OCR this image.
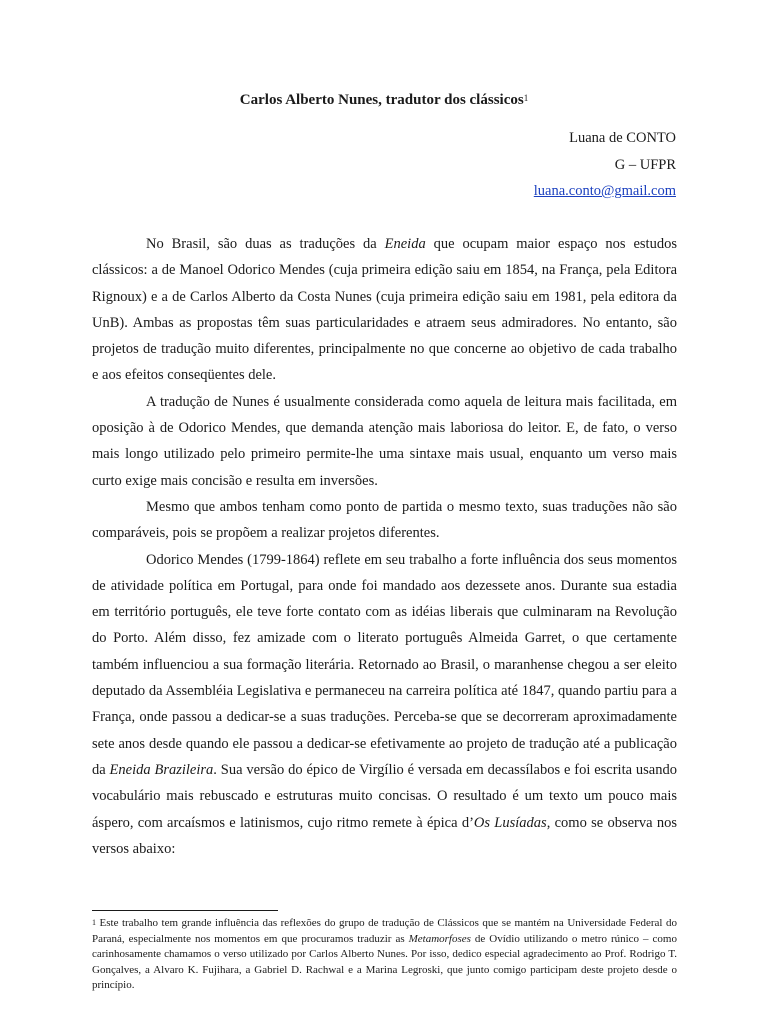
Carlos Alberto Nunes, tradutor dos clássicos$^1$
Luana de CONTO
G – UFPR
luana.conto@gmail.com

No Brasil, são duas as traduções da Eneida que ocupam maior espaço nos estudos clássicos: a de Manoel Odorico Mendes (cuja primeira edição saiu em 1854, na França, pela Editora Rignoux) e a de Carlos Alberto da Costa Nunes (cuja primeira edição saiu em 1981, pela editora da UnB). Ambas as propostas têm suas particularidades e atraem seus admiradores. No entanto, são projetos de tradução muito diferentes, principalmente no que concerne ao objetivo de cada trabalho e aos efeitos conseqüentes dele.

A tradução de Nunes é usualmente considerada como aquela de leitura mais facilitada, em oposição à de Odorico Mendes, que demanda atenção mais laboriosa do leitor. E, de fato, o verso mais longo utilizado pelo primeiro permite-lhe uma sintaxe mais usual, enquanto um verso mais curto exige mais concisão e resulta em inversões.

Mesmo que ambos tenham como ponto de partida o mesmo texto, suas traduções não são comparáveis, pois se propõem a realizar projetos diferentes.

Odorico Mendes (1799-1864) reflete em seu trabalho a forte influência dos seus momentos de atividade política em Portugal, para onde foi mandado aos dezessete anos. Durante sua estadia em território português, ele teve forte contato com as idéias liberais que culminaram na Revolução do Porto. Além disso, fez amizade com o literato português Almeida Garret, o que certamente também influenciou a sua formação literária. Retornado ao Brasil, o maranhense chegou a ser eleito deputado da Assembléia Legislativa e permaneceu na carreira política até 1847, quando partiu para a França, onde passou a dedicar-se a suas traduções. Perceba-se que se decorreram aproximadamente sete anos desde quando ele passou a dedicar-se efetivamente ao projeto de tradução até a publicação da Eneida Brazileira. Sua versão do épico de Virgílio é versada em decassílabos e foi escrita usando vocabulário mais rebuscado e estruturas muito concisas. O resultado é um texto um pouco mais áspero, com arcaísmos e latinismos, cujo ritmo remete à épica d’Os Lusíadas, como se observa nos versos abaixo:

$^1$ Este trabalho tem grande influência das reflexões do grupo de tradução de Clássicos que se mantém na Universidade Federal do Paraná, especialmente nos momentos em que procuramos traduzir as Metamorfoses de Ovídio utilizando o metro rúnico – como carinhosamente chamamos o verso utilizado por Carlos Alberto Nunes. Por isso, dedico especial agradecimento ao Prof. Rodrigo T. Gonçalves, a Alvaro K. Fujihara, a Gabriel D. Rachwal e a Marina Legroski, que junto comigo participam deste projeto desde o princípio.
